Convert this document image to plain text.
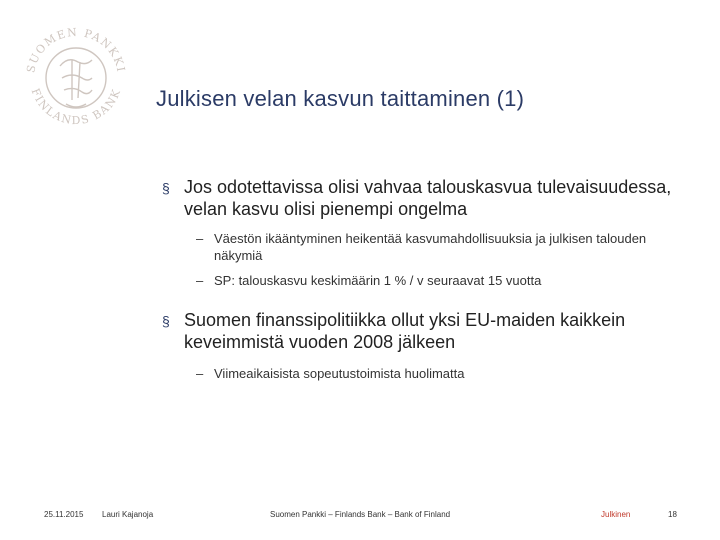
SUOMEN PANKKI
FINLANDS BANK Julkisen velan kasvun taittaminen (1)
§ Jos odotettavissa olisi vahvaa talouskasvua tulevaisuudessa, velan kasvu olisi pienempi ongelma
– Väestön ikääntyminen heikentää kasvumahdollisuuksia ja julkisen talouden näkymiä
– SP: talouskasvu keskimäärin 1 % / v seuraavat 15 vuotta
§ Suomen finanssipolitiikka ollut yksi EU-maiden kaikkein keveimmistä vuoden 2008 jälkeen
– Viimeaikaisista sopeutustoimista huolimatta
25.11.2015 Lauri Kajanoja	Suomen Pankki – Finlands Bank – Bank of Finland	Julkinen	18
